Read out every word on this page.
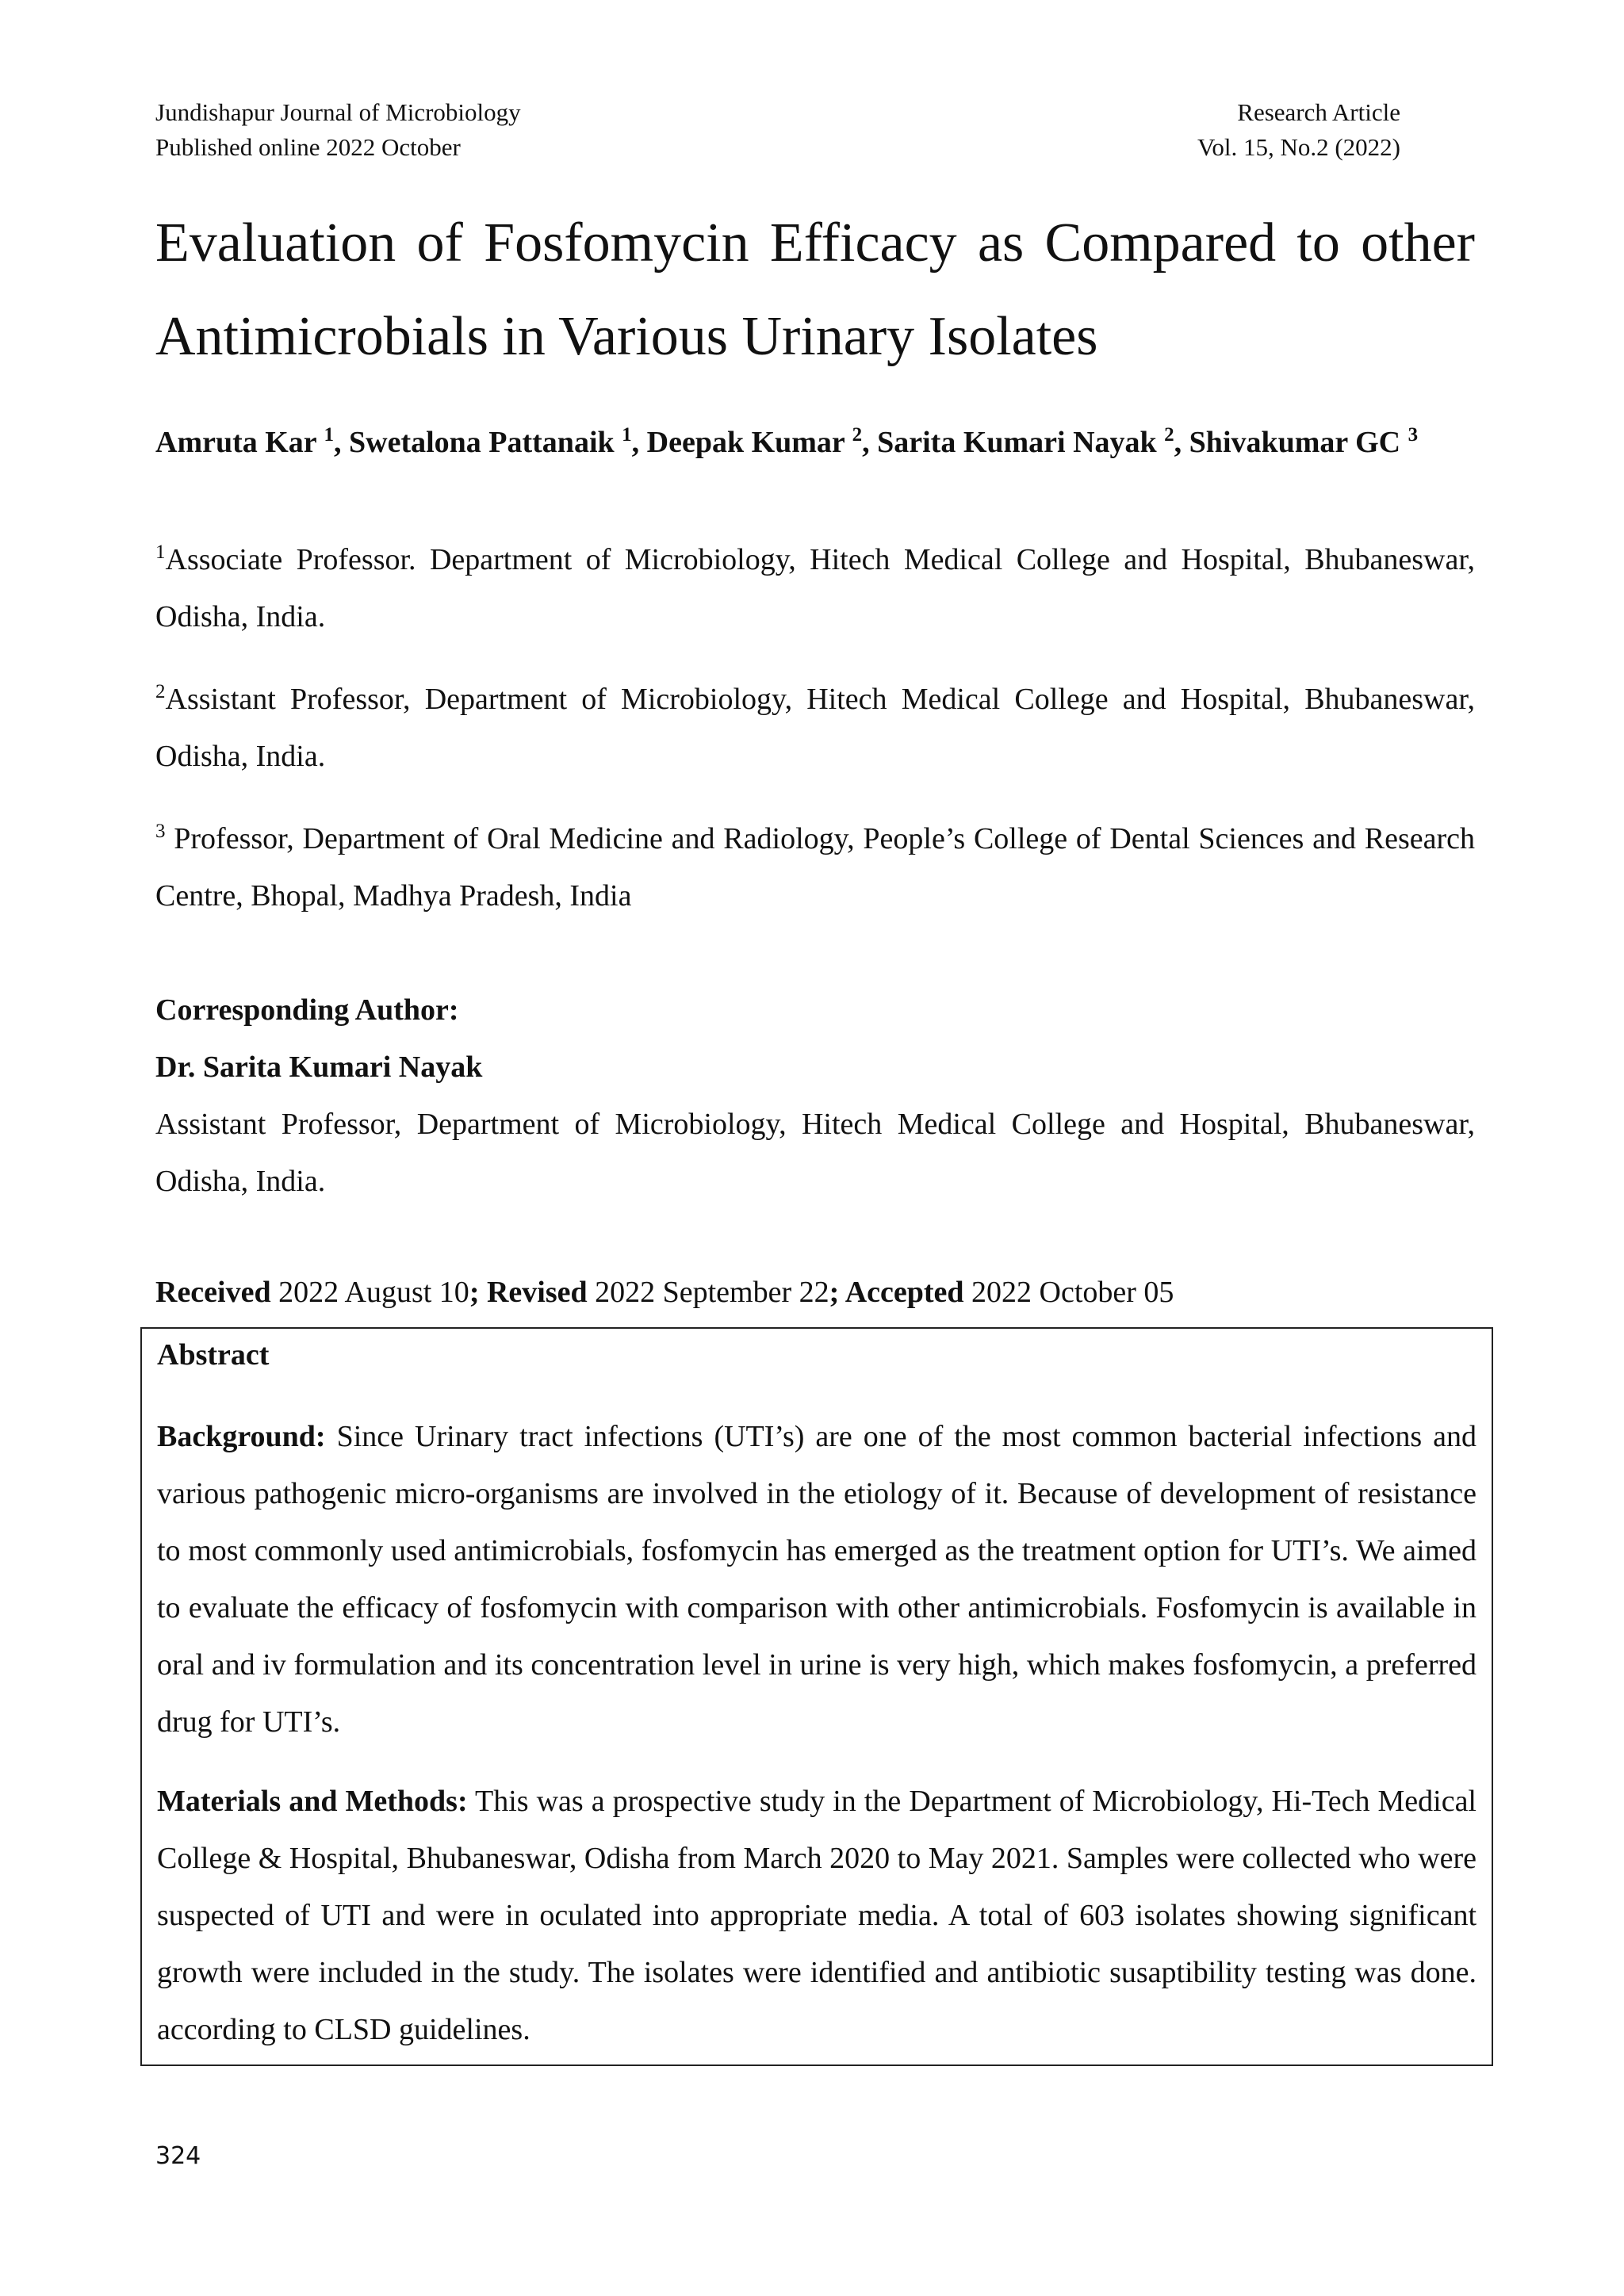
Jundishapur Journal of Microbiology	Research Article
Published online 2022 October	Vol. 15, No.2 (2022)
Evaluation of Fosfomycin Efficacy as Compared to other Antimicrobials in Various Urinary Isolates
Amruta Kar $^1$, Swetalona Pattanaik $^1$, Deepak Kumar $^2$, Sarita Kumari Nayak $^2$, Shivakumar GC $^3$
$^1$Associate Professor. Department of Microbiology, Hitech Medical College and Hospital, Bhubaneswar, Odisha, India.
$^2$Assistant Professor, Department of Microbiology, Hitech Medical College and Hospital, Bhubaneswar, Odisha, India.
$^3$ Professor, Department of Oral Medicine and Radiology, People’s College of Dental Sciences and Research Centre, Bhopal, Madhya Pradesh, India
Corresponding Author:
Dr. Sarita Kumari Nayak
Assistant Professor, Department of Microbiology, Hitech Medical College and Hospital, Bhubaneswar, Odisha, India.
Received 2022 August 10; Revised 2022 September 22; Accepted 2022 October 05
Abstract
Background: Since Urinary tract infections (UTI’s) are one of the most common bacterial infections and various pathogenic micro-organisms are involved in the etiology of it. Because of development of resistance to most commonly used antimicrobials, fosfomycin has emerged as the treatment option for UTI’s. We aimed to evaluate the efficacy of fosfomycin with comparison with other antimicrobials. Fosfomycin is available in oral and iv formulation and its concentration level in urine is very high, which makes fosfomycin, a preferred drug for UTI’s.
Materials and Methods: This was a prospective study in the Department of Microbiology, Hi-Tech Medical College & Hospital, Bhubaneswar, Odisha from March 2020 to May 2021. Samples were collected who were suspected of UTI and were in oculated into appropriate media. A total of 603 isolates showing significant growth were included in the study. The isolates were identified and antibiotic susaptibility testing was done. according to CLSD guidelines.
324
